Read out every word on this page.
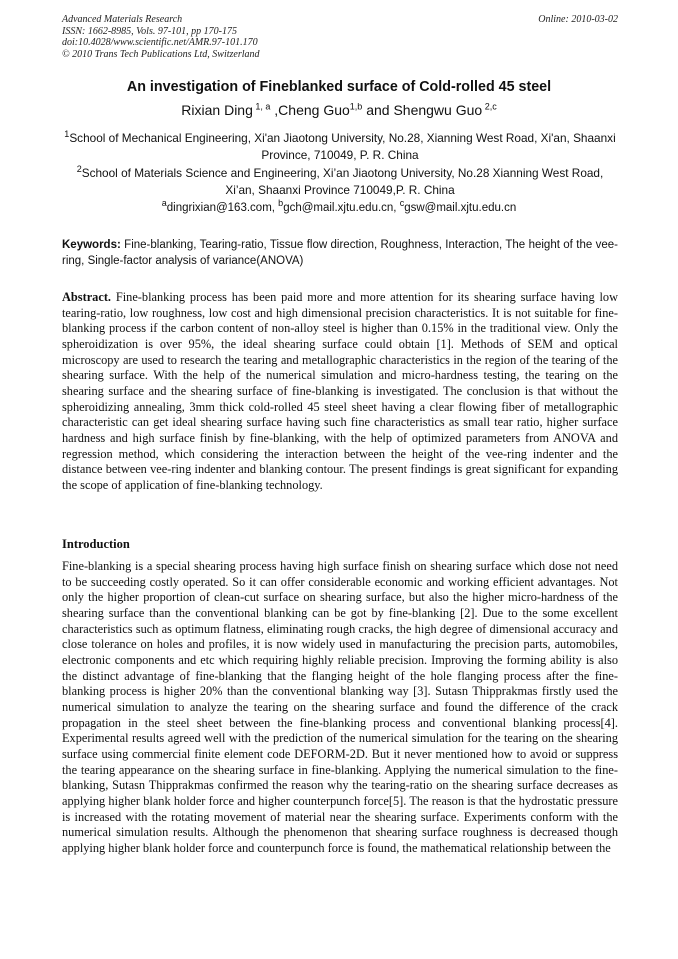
Advanced Materials Research
ISSN: 1662-8985, Vols. 97-101, pp 170-175
doi:10.4028/www.scientific.net/AMR.97-101.170
© 2010 Trans Tech Publications Ltd, Switzerland
Online: 2010-03-02
An investigation of Fineblanked surface of Cold-rolled 45 steel
Rixian Ding $^{1, a}$ ,Cheng Guo$^{1,b}$ and Shengwu Guo $^{2,c}$
$^1$School of Mechanical Engineering, Xi'an Jiaotong University, No.28, Xianning West Road, Xi'an, Shaanxi Province, 710049, P. R. China
$^2$School of Materials Science and Engineering, Xi’an Jiaotong University, No.28 Xianning West Road, Xi’an, Shaanxi Province 710049,P. R. China
$^a$dingrixian@163.com, $^b$gch@mail.xjtu.edu.cn, $^c$gsw@mail.xjtu.edu.cn
Keywords: Fine-blanking, Tearing-ratio, Tissue flow direction, Roughness, Interaction, The height of the vee-ring, Single-factor analysis of variance(ANOVA)
Abstract. Fine-blanking process has been paid more and more attention for its shearing surface having low tearing-ratio, low roughness, low cost and high dimensional precision characteristics. It is not suitable for fine-blanking process if the carbon content of non-alloy steel is higher than 0.15% in the traditional view. Only the spheroidization is over 95%, the ideal shearing surface could obtain [1]. Methods of SEM and optical microscopy are used to research the tearing and metallographic characteristics in the region of the tearing of the shearing surface. With the help of the numerical simulation and micro-hardness testing, the tearing on the shearing surface and the shearing surface of fine-blanking is investigated. The conclusion is that without the spheroidizing annealing, 3mm thick cold-rolled 45 steel sheet having a clear flowing fiber of metallographic characteristic can get ideal shearing surface having such fine characteristics as small tear ratio, higher surface hardness and high surface finish by fine-blanking, with the help of optimized parameters from ANOVA and regression method, which considering the interaction between the height of the vee-ring indenter and the distance between vee-ring indenter and blanking contour. The present findings is great significant for expanding the scope of application of fine-blanking technology.
Introduction
Fine-blanking is a special shearing process having high surface finish on shearing surface which dose not need to be succeeding costly operated. So it can offer considerable economic and working efficient advantages. Not only the higher proportion of clean-cut surface on shearing surface, but also the higher micro-hardness of the shearing surface than the conventional blanking can be got by fine-blanking [2]. Due to the some excellent characteristics such as optimum flatness, eliminating rough cracks, the high degree of dimensional accuracy and close tolerance on holes and profiles, it is now widely used in manufacturing the precision parts, automobiles, electronic components and etc which requiring highly reliable precision. Improving the forming ability is also the distinct advantage of fine-blanking that the flanging height of the hole flanging process after the fine-blanking process is higher 20% than the conventional blanking way [3]. Sutasn Thipprakmas firstly used the numerical simulation to analyze the tearing on the shearing surface and found the difference of the crack propagation in the steel sheet between the fine-blanking process and conventional blanking process[4]. Experimental results agreed well with the prediction of the numerical simulation for the tearing on the shearing surface using commercial finite element code DEFORM-2D. But it never mentioned how to avoid or suppress the tearing appearance on the shearing surface in fine-blanking. Applying the numerical simulation to the fine-blanking, Sutasn Thipprakmas confirmed the reason why the tearing-ratio on the shearing surface decreases as applying higher blank holder force and higher counterpunch force[5]. The reason is that the hydrostatic pressure is increased with the rotating movement of material near the shearing surface. Experiments conform with the numerical simulation results. Although the phenomenon that shearing surface roughness is decreased though applying higher blank holder force and counterpunch force is found, the mathematical relationship between the
